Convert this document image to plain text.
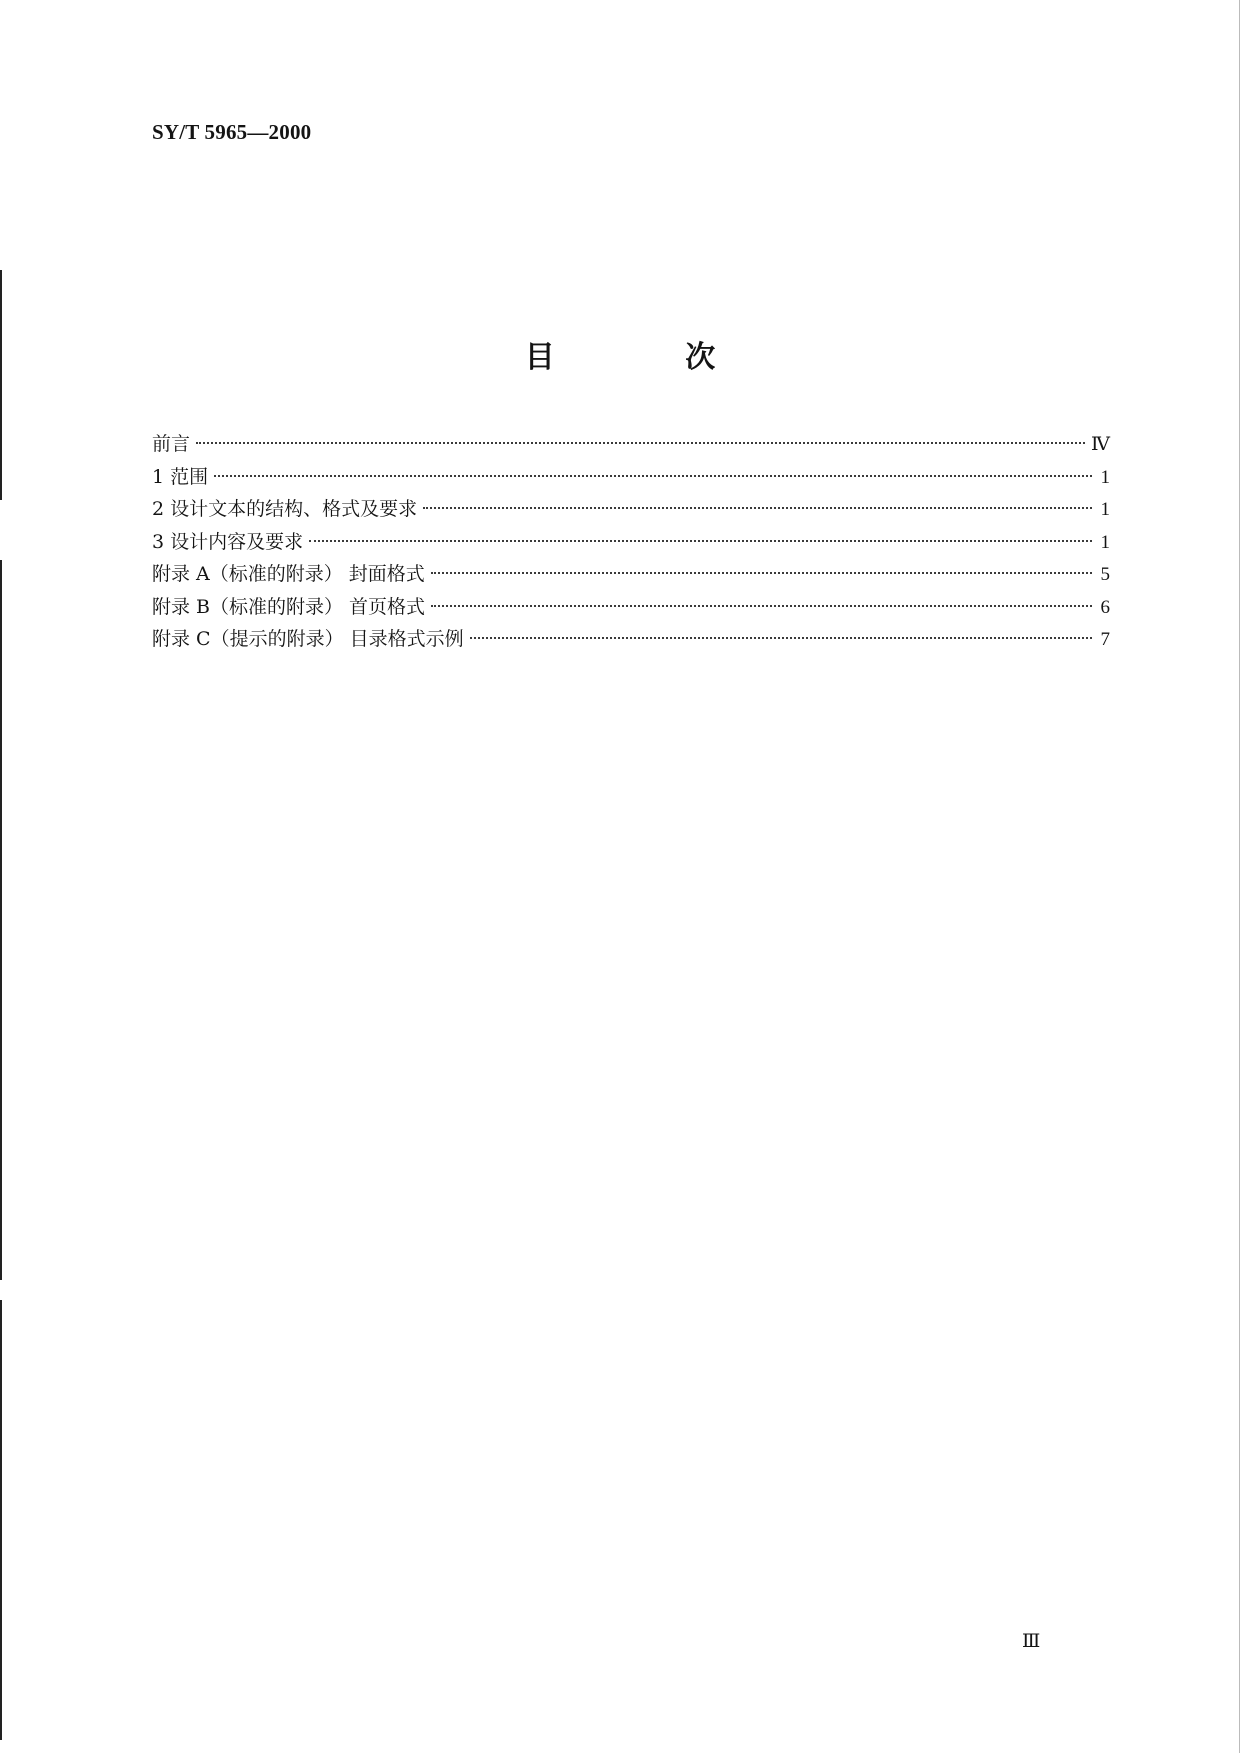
SY/T 5965—2000
目 次
前言	Ⅳ
1 范围	1
2 设计文本的结构、格式及要求	1
3 设计内容及要求	1
附录 A（标准的附录） 封面格式	5
附录 B（标准的附录） 首页格式	6
附录 C（提示的附录） 目录格式示例	7
Ⅲ
